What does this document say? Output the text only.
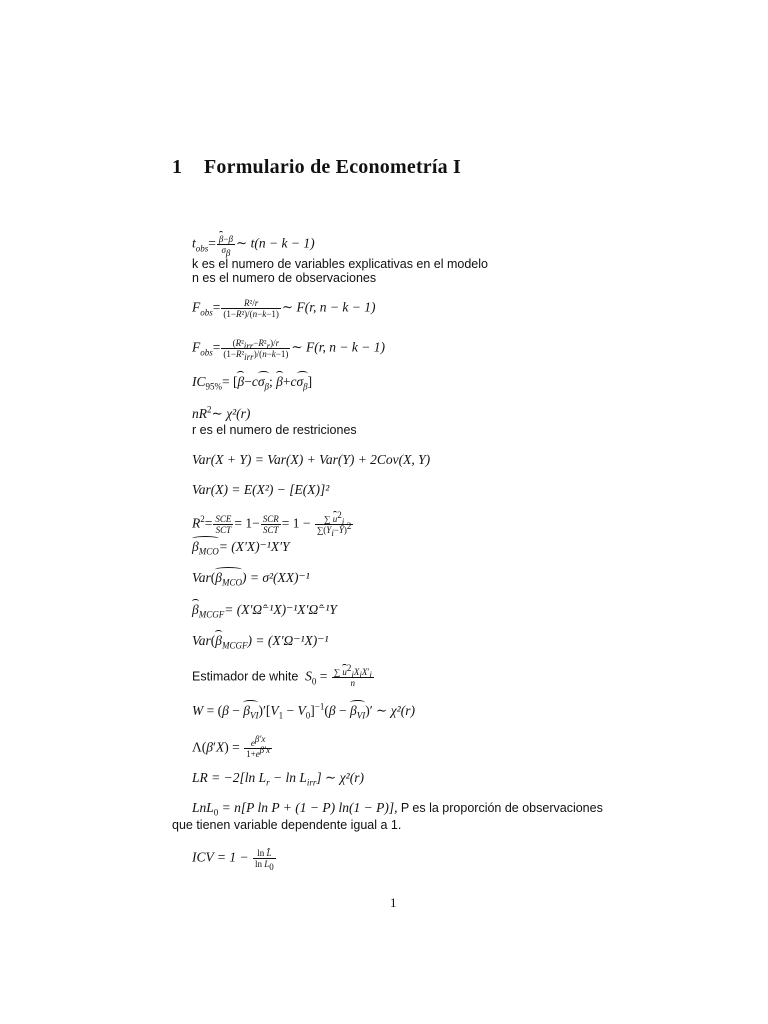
1 Formulario de Econometría I
$t_{obs}= \frac{\beta-\beta}{\sigma_\beta}$ ∼ t(n − k − 1)
k es el numero de variables explicativas en el modelo
n es el numero de observaciones
$F_{obs}= \frac{\text{R²/r}}{\text{(1−R²)/(n−k−1)}}$ ∼ F(r, n − k − 1)
$F_{obs}= \frac{(R^2_{irr}-R^2_r)/r}{(1-R^2_{irr})/(n-k-1)}$ ∼ F(r, n − k − 1)
$IC_{95\%}= [\beta-c\sigma_\beta$; $\beta+c\sigma_\beta$]
$nR^2\sim$ χ²(r)
r es el numero de restriciones
Var(X + Y) = Var(X) + Var(Y) + 2Cov(X, Y)
Var(X) = E(X²) − [E(X)]²
$R^2= \frac{\text{SCE}}{\text{SCT}} = 1- \frac{\text{SCR}}{\text{SCT}} = 1 - \frac{\sum u^2_i}{\sum(Y_i-Ȳ)^2}$
$\beta_{MCO}= (X'X)^{-1}X'Y$
$Var(\beta_{MCO}) = \sigma^2(XX)^{-1}$
$\beta_{MCGF}=$ (X′Ω̂⁻¹X)⁻¹X′Ω̂⁻¹Y
$Var(\beta_{MCGF}) = (X'\Omega^{-1}X)^{-1}$
Estimador de white $S_0 = \frac{\sum u^2_iX_iX'_i}{n}$
$W = (\beta - \beta_{VI})'[V_1 - V_0]^{-1}(\beta - \beta_{VI})'$ ∼ χ²(r)
$\Lambda(\beta'X) = \frac{e^{\beta'x}}{1+e^{\beta'x}}$
LR = −2[ln $L_r - \ln L_{irr}$] ∼ χ²(r)
LnL$_0$ = n[P ln P + (1 − P) ln(1 − P)], P es la proporción de observaciones
que tienen variable dependente igual a 1.
ICV = $1 - \frac{\text{ln L̂}}{\ln L_0}$
1
